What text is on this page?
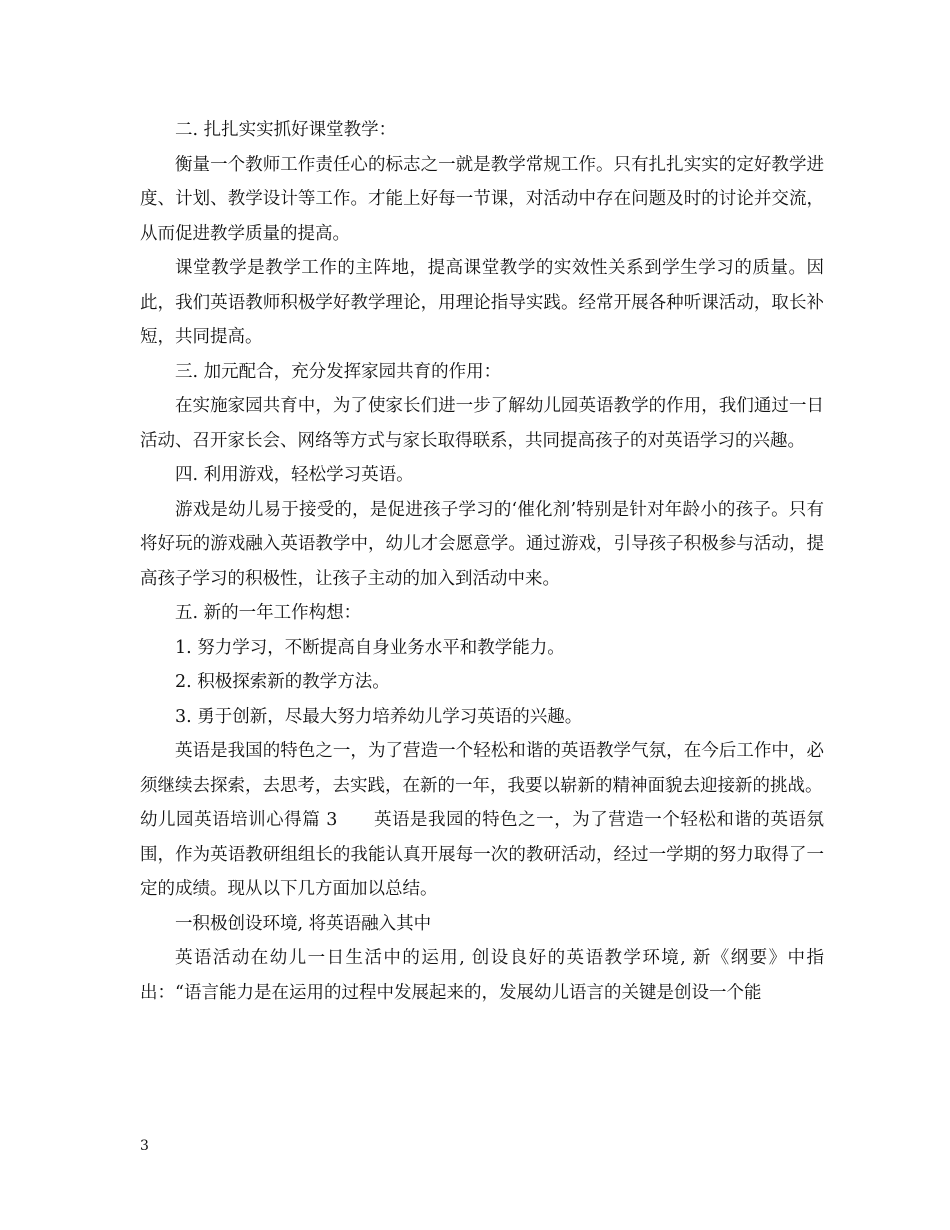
二. 扎扎实实抓好课堂教学：

衡量一个教师工作责任心的标志之一就是教学常规工作。只有扎扎实实的定好教学进度、计划、教学设计等工作。才能上好每一节课，对活动中存在问题及时的讨论并交流，从而促进教学质量的提高。

课堂教学是教学工作的主阵地，提高课堂教学的实效性关系到学生学习的质量。因此，我们英语教师积极学好教学理论，用理论指导实践。经常开展各种听课活动，取长补短，共同提高。

三. 加元配合，充分发挥家园共育的作用：

在实施家园共育中，为了使家长们进一步了解幼儿园英语教学的作用，我们通过一日活动、召开家长会、网络等方式与家长取得联系，共同提高孩子的对英语学习的兴趣。

四. 利用游戏，轻松学习英语。

游戏是幼儿易于接受的，是促进孩子学习的‘催化剂’特别是针对年龄小的孩子。只有将好玩的游戏融入英语教学中，幼儿才会愿意学。通过游戏，引导孩子积极参与活动，提高孩子学习的积极性，让孩子主动的加入到活动中来。

五. 新的一年工作构想：

1. 努力学习，不断提高自身业务水平和教学能力。

2. 积极探索新的教学方法。

3. 勇于创新，尽最大努力培养幼儿学习英语的兴趣。

英语是我国的特色之一，为了营造一个轻松和谐的英语教学气氛，在今后工作中，必须继续去探索，去思考，去实践，在新的一年，我要以崭新的精神面貌去迎接新的挑战。

幼儿园英语培训心得篇 3　　英语是我园的特色之一，为了营造一个轻松和谐的英语氛围，作为英语教研组组长的我能认真开展每一次的教研活动，经过一学期的努力取得了一定的成绩。现从以下几方面加以总结。

一积极创设环境, 将英语融入其中

英语活动在幼儿一日生活中的运用, 创设良好的英语教学环境, 新《纲要》中指出：“语言能力是在运用的过程中发展起来的，发展幼儿语言的关键是创设一个能

3
